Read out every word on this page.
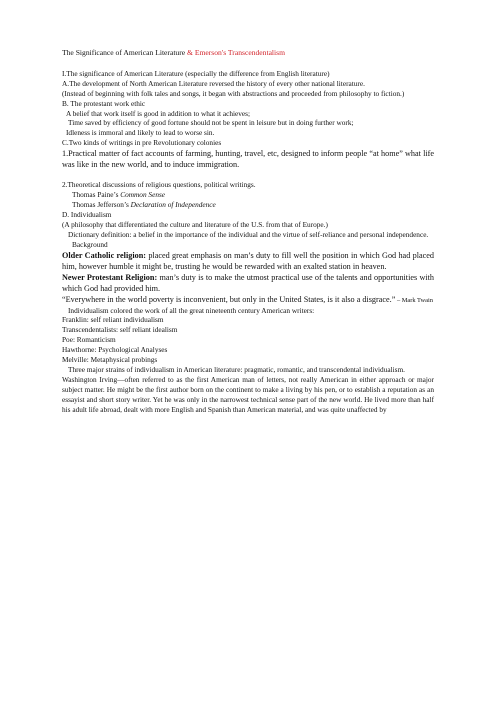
The Significance of American Literature & Emerson's Transcendentalism

I.The significance of American Literature (especially the difference from English literature)

A.The development of North American Literature reversed the history of every other national literature.

(Instead of beginning with folk tales and songs, it began with abstractions and proceeded from philosophy to fiction.)

B. The protestant work ethic

A belief that work itself is good in addition to what it achieves;

Time saved by efficiency of good fortune should not be spent in leisure but in doing further work;

Idleness is immoral and likely to lead to worse sin.

C.Two kinds of writings in pre Revolutionary colonies

1.Practical matter of fact accounts of farming, hunting, travel, etc, designed to inform people “at home” what life was like in the new world, and to induce immigration.

2.Theoretical discussions of religious questions, political writings.

Thomas Paine’s Common Sense

Thomas Jefferson’s Declaration of Independence

D. Individualism

(A philosophy that differentiated the culture and literature of the U.S. from that of Europe.)

Dictionary definition: a belief in the importance of the individual and the virtue of self-reliance and personal independence.

Background

Older Catholic religion: placed great emphasis on man’s duty to fill well the position in which God had placed him, however humble it might be, trusting he would be rewarded with an exalted station in heaven.

Newer Protestant Religion: man’s duty is to make the utmost practical use of the talents and opportunities with which God had provided him.

“Everywhere in the world poverty is inconvenient, but only in the United States, is it also a disgrace.” – Mark Twain

Individualism colored the work of all the great nineteenth century American writers:

Franklin: self reliant individualism

Transcendentalists: self reliant idealism

Poe: Romanticism

Hawthorne: Psychological Analyses

Melville: Metaphysical probings

Three major strains of individualism in American literature: pragmatic, romantic, and transcendental individualism.

Washington Irving—often referred to as the first American man of letters, not really American in either approach or major subject matter. He might be the first author born on the continent to make a living by his pen, or to establish a reputation as an essayist and short story writer. Yet he was only in the narrowest technical sense part of the new world. He lived more than half his adult life abroad, dealt with more English and Spanish than American material, and was quite unaffected by
